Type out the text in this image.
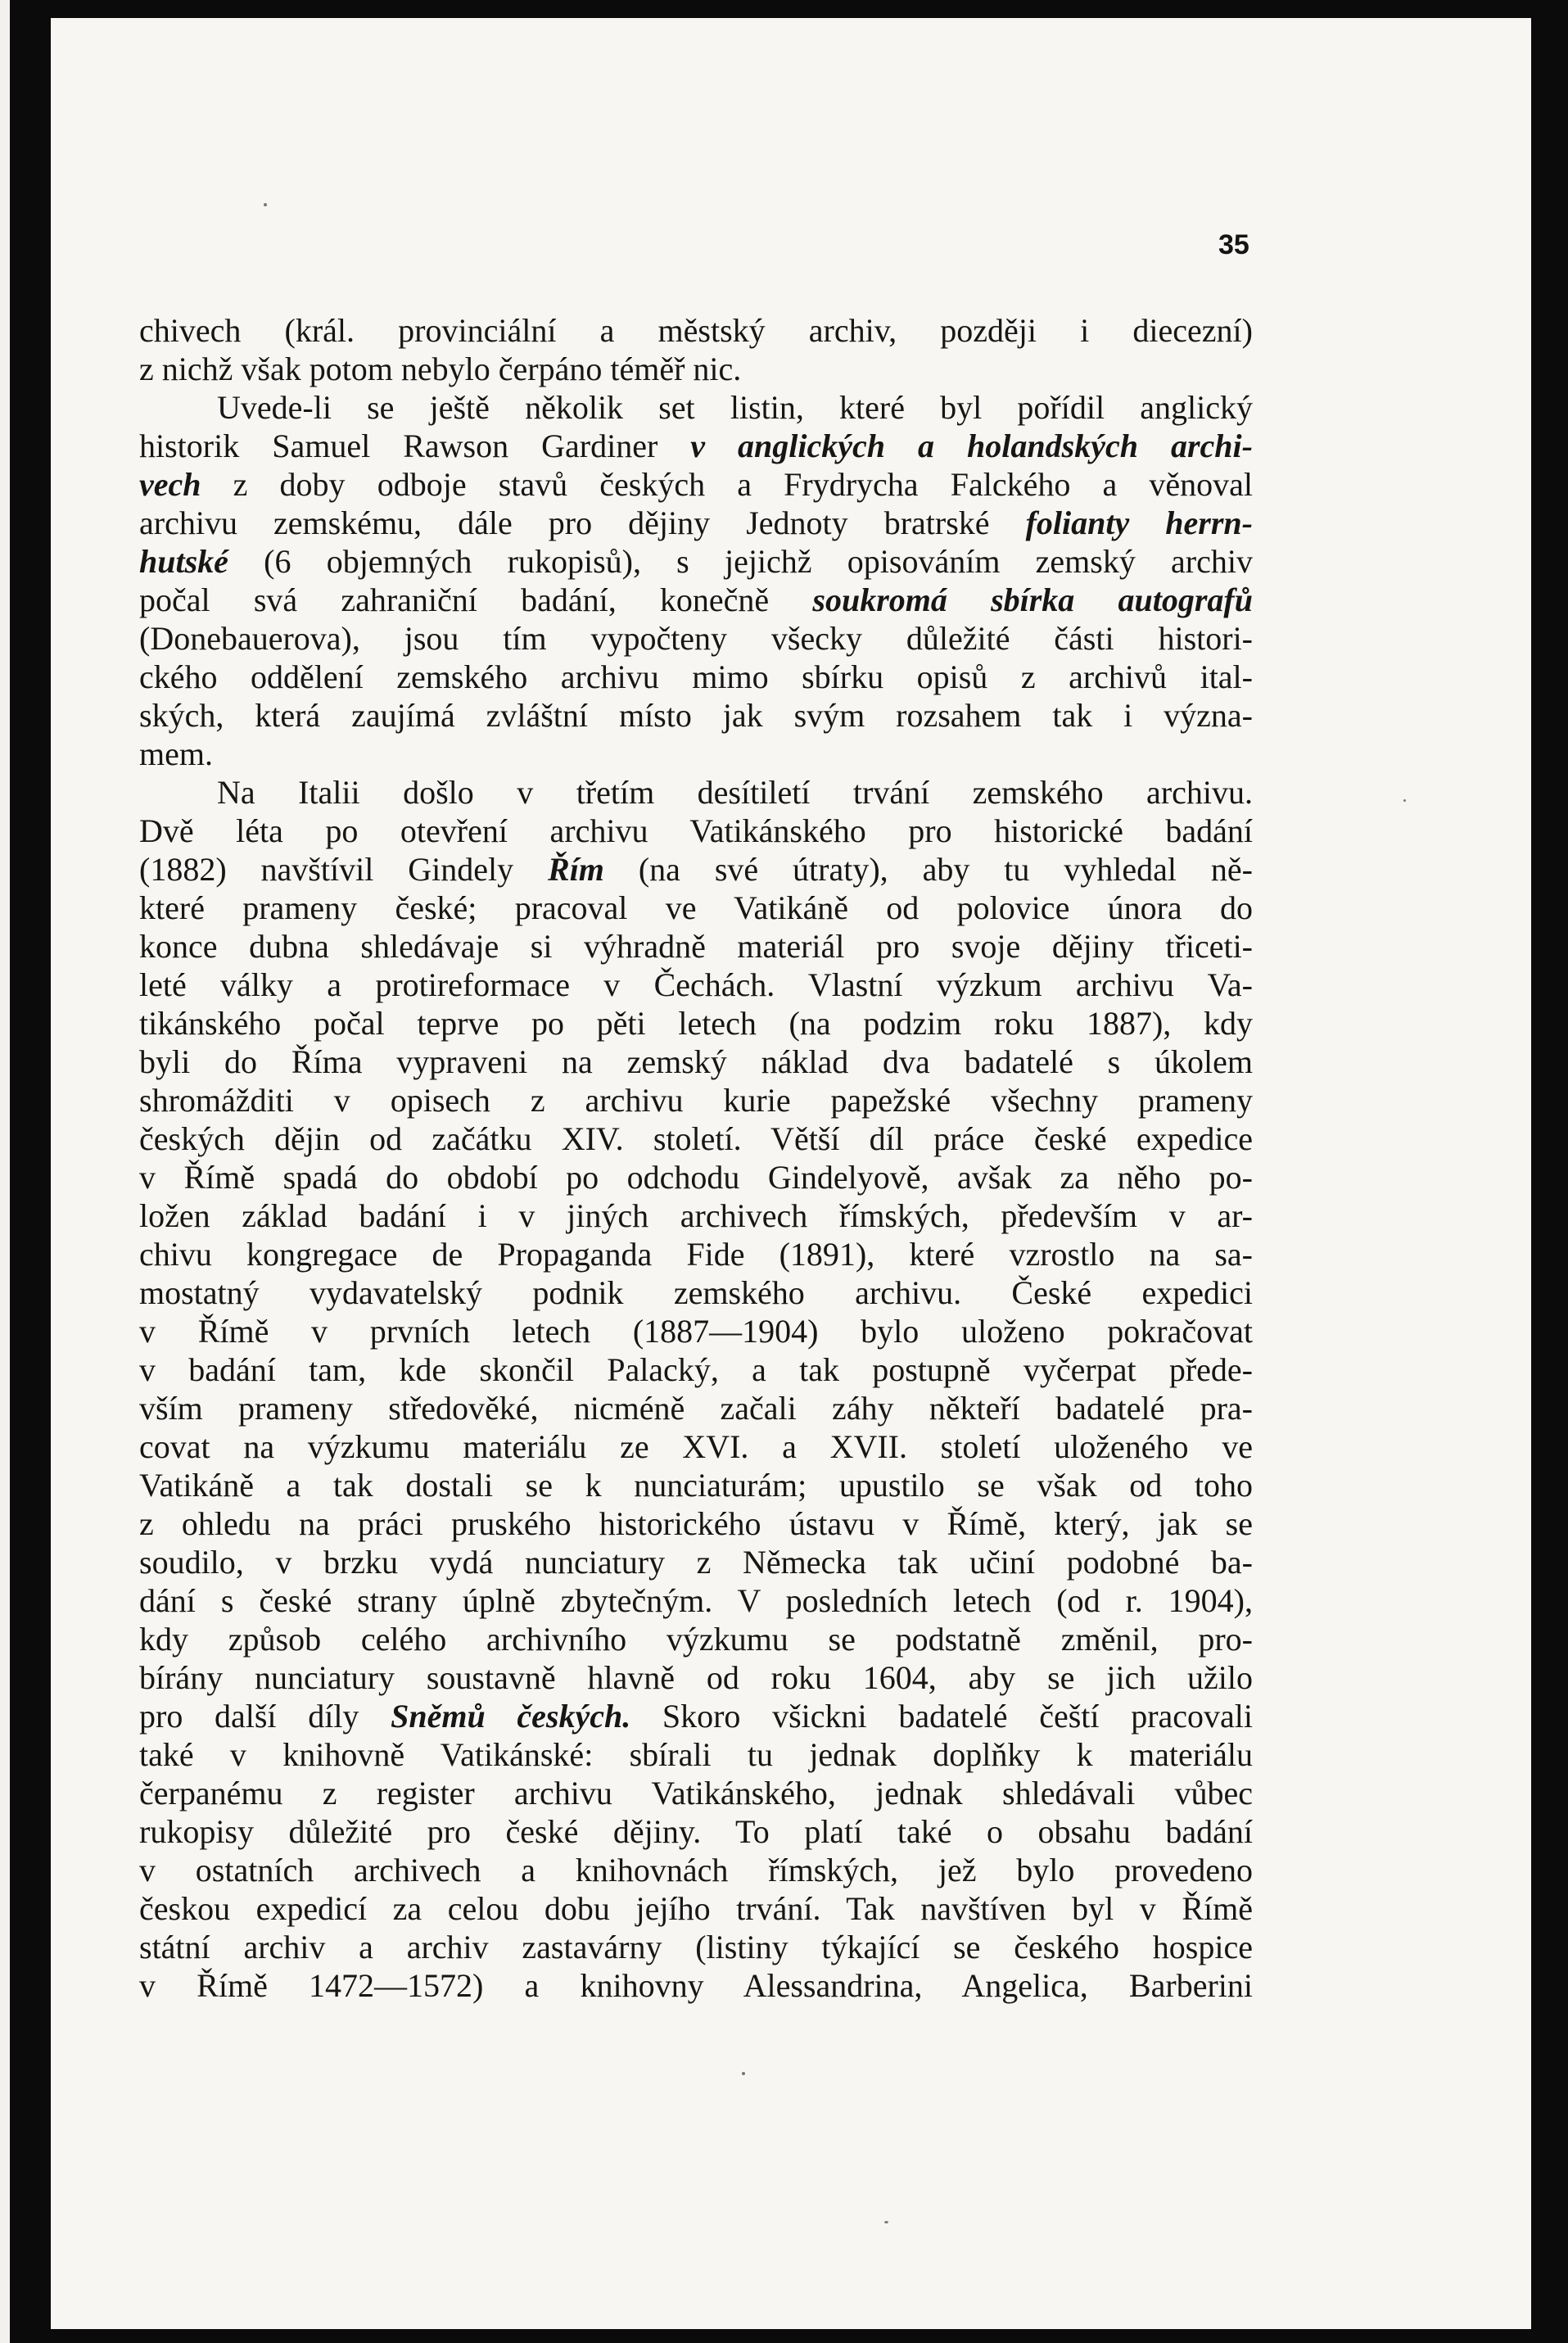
35
chivech (král. provinciální a městský archiv, později i diecezní)
z nichž však potom nebylo čerpáno téměř nic.
Uvede-li se ještě několik set listin, které byl pořídil anglický
historik Samuel Rawson Gardiner v anglických a holandských archi-
vech z doby odboje stavů českých a Frydrycha Falckého a věnoval
archivu zemskému, dále pro dějiny Jednoty bratrské folianty herrn-
hutské (6 objemných rukopisů), s jejichž opisováním zemský archiv
počal svá zahraniční badání, konečně soukromá sbírka autografů
(Donebauerova), jsou tím vypočteny všecky důležité části histori-
ckého oddělení zemského archivu mimo sbírku opisů z archivů ital-
ských, která zaujímá zvláštní místo jak svým rozsahem tak i význa-
mem.
Na Italii došlo v třetím desítiletí trvání zemského archivu.
Dvě léta po otevření archivu Vatikánského pro historické badání
(1882) navštívil Gindely Řím (na své útraty), aby tu vyhledal ně-
které prameny české; pracoval ve Vatikáně od polovice února do
konce dubna shledávaje si výhradně materiál pro svoje dějiny třiceti-
leté války a protireformace v Čechách. Vlastní výzkum archivu Va-
tikánského počal teprve po pěti letech (na podzim roku 1887), kdy
byli do Říma vypraveni na zemský náklad dva badatelé s úkolem
shromážditi v opisech z archivu kurie papežské všechny prameny
českých dějin od začátku XIV. století. Větší díl práce české expedice
v Římě spadá do období po odchodu Gindelyově, avšak za něho po-
ložen základ badání i v jiných archivech římských, především v ar-
chivu kongregace de Propaganda Fide (1891), které vzrostlo na sa-
mostatný vydavatelský podnik zemského archivu. České expedici
v Římě v prvních letech (1887—1904) bylo uloženo pokračovat
v badání tam, kde skončil Palacký, a tak postupně vyčerpat přede-
vším prameny středověké, nicméně začali záhy někteří badatelé pra-
covat na výzkumu materiálu ze XVI. a XVII. století uloženého ve
Vatikáně a tak dostali se k nunciaturám; upustilo se však od toho
z ohledu na práci pruského historického ústavu v Římě, který, jak se
soudilo, v brzku vydá nunciatury z Německa tak učiní podobné ba-
dání s české strany úplně zbytečným. V posledních letech (od r. 1904),
kdy způsob celého archivního výzkumu se podstatně změnil, pro-
bírány nunciatury soustavně hlavně od roku 1604, aby se jich užilo
pro další díly Sněmů českých. Skoro všickni badatelé čeští pracovali
také v knihovně Vatikánské: sbírali tu jednak doplňky k materiálu
čerpanému z register archivu Vatikánského, jednak shledávali vůbec
rukopisy důležité pro české dějiny. To platí také o obsahu badání
v ostatních archivech a knihovnách římských, jež bylo provedeno
českou expedicí za celou dobu jejího trvání. Tak navštíven byl v Římě
státní archiv a archiv zastavárny (listiny týkající se českého hospice
v Římě 1472—1572) a knihovny Alessandrina, Angelica, Barberini
